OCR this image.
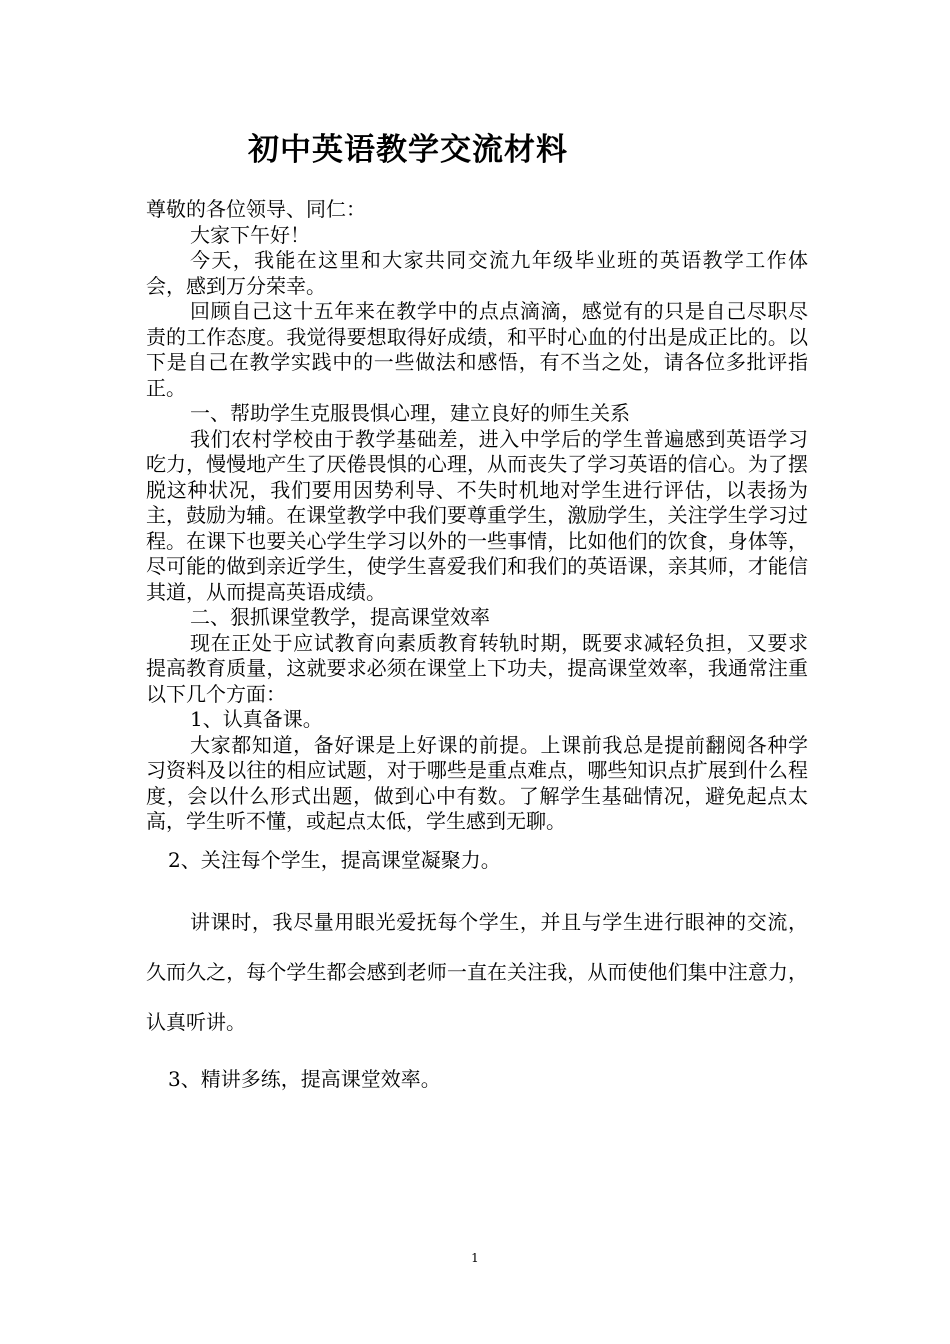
初中英语教学交流材料

尊敬的各位领导、同仁：

大家下午好！

今天，我能在这里和大家共同交流九年级毕业班的英语教学工作体会，感到万分荣幸。

回顾自己这十五年来在教学中的点点滴滴，感觉有的只是自己尽职尽责的工作态度。我觉得要想取得好成绩，和平时心血的付出是成正比的。以下是自己在教学实践中的一些做法和感悟，有不当之处，请各位多批评指正。

一、帮助学生克服畏惧心理，建立良好的师生关系

我们农村学校由于教学基础差，进入中学后的学生普遍感到英语学习吃力，慢慢地产生了厌倦畏惧的心理，从而丧失了学习英语的信心。为了摆脱这种状况，我们要用因势利导、不失时机地对学生进行评估，以表扬为主，鼓励为辅。在课堂教学中我们要尊重学生，激励学生，关注学生学习过程。在课下也要关心学生学习以外的一些事情，比如他们的饮食，身体等，尽可能的做到亲近学生，使学生喜爱我们和我们的英语课，亲其师，才能信其道，从而提高英语成绩。

二、狠抓课堂教学，提高课堂效率

现在正处于应试教育向素质教育转轨时期，既要求减轻负担，又要求提高教育质量，这就要求必须在课堂上下功夫，提高课堂效率，我通常注重以下几个方面：

1、认真备课。

大家都知道，备好课是上好课的前提。上课前我总是提前翻阅各种学习资料及以往的相应试题，对于哪些是重点难点，哪些知识点扩展到什么程度，会以什么形式出题，做到心中有数。了解学生基础情况，避免起点太高，学生听不懂，或起点太低，学生感到无聊。

2、关注每个学生，提高课堂凝聚力。

讲课时，我尽量用眼光爱抚每个学生，并且与学生进行眼神的交流，久而久之，每个学生都会感到老师一直在关注我，从而使他们集中注意力，认真听讲。

3、精讲多练，提高课堂效率。
1
